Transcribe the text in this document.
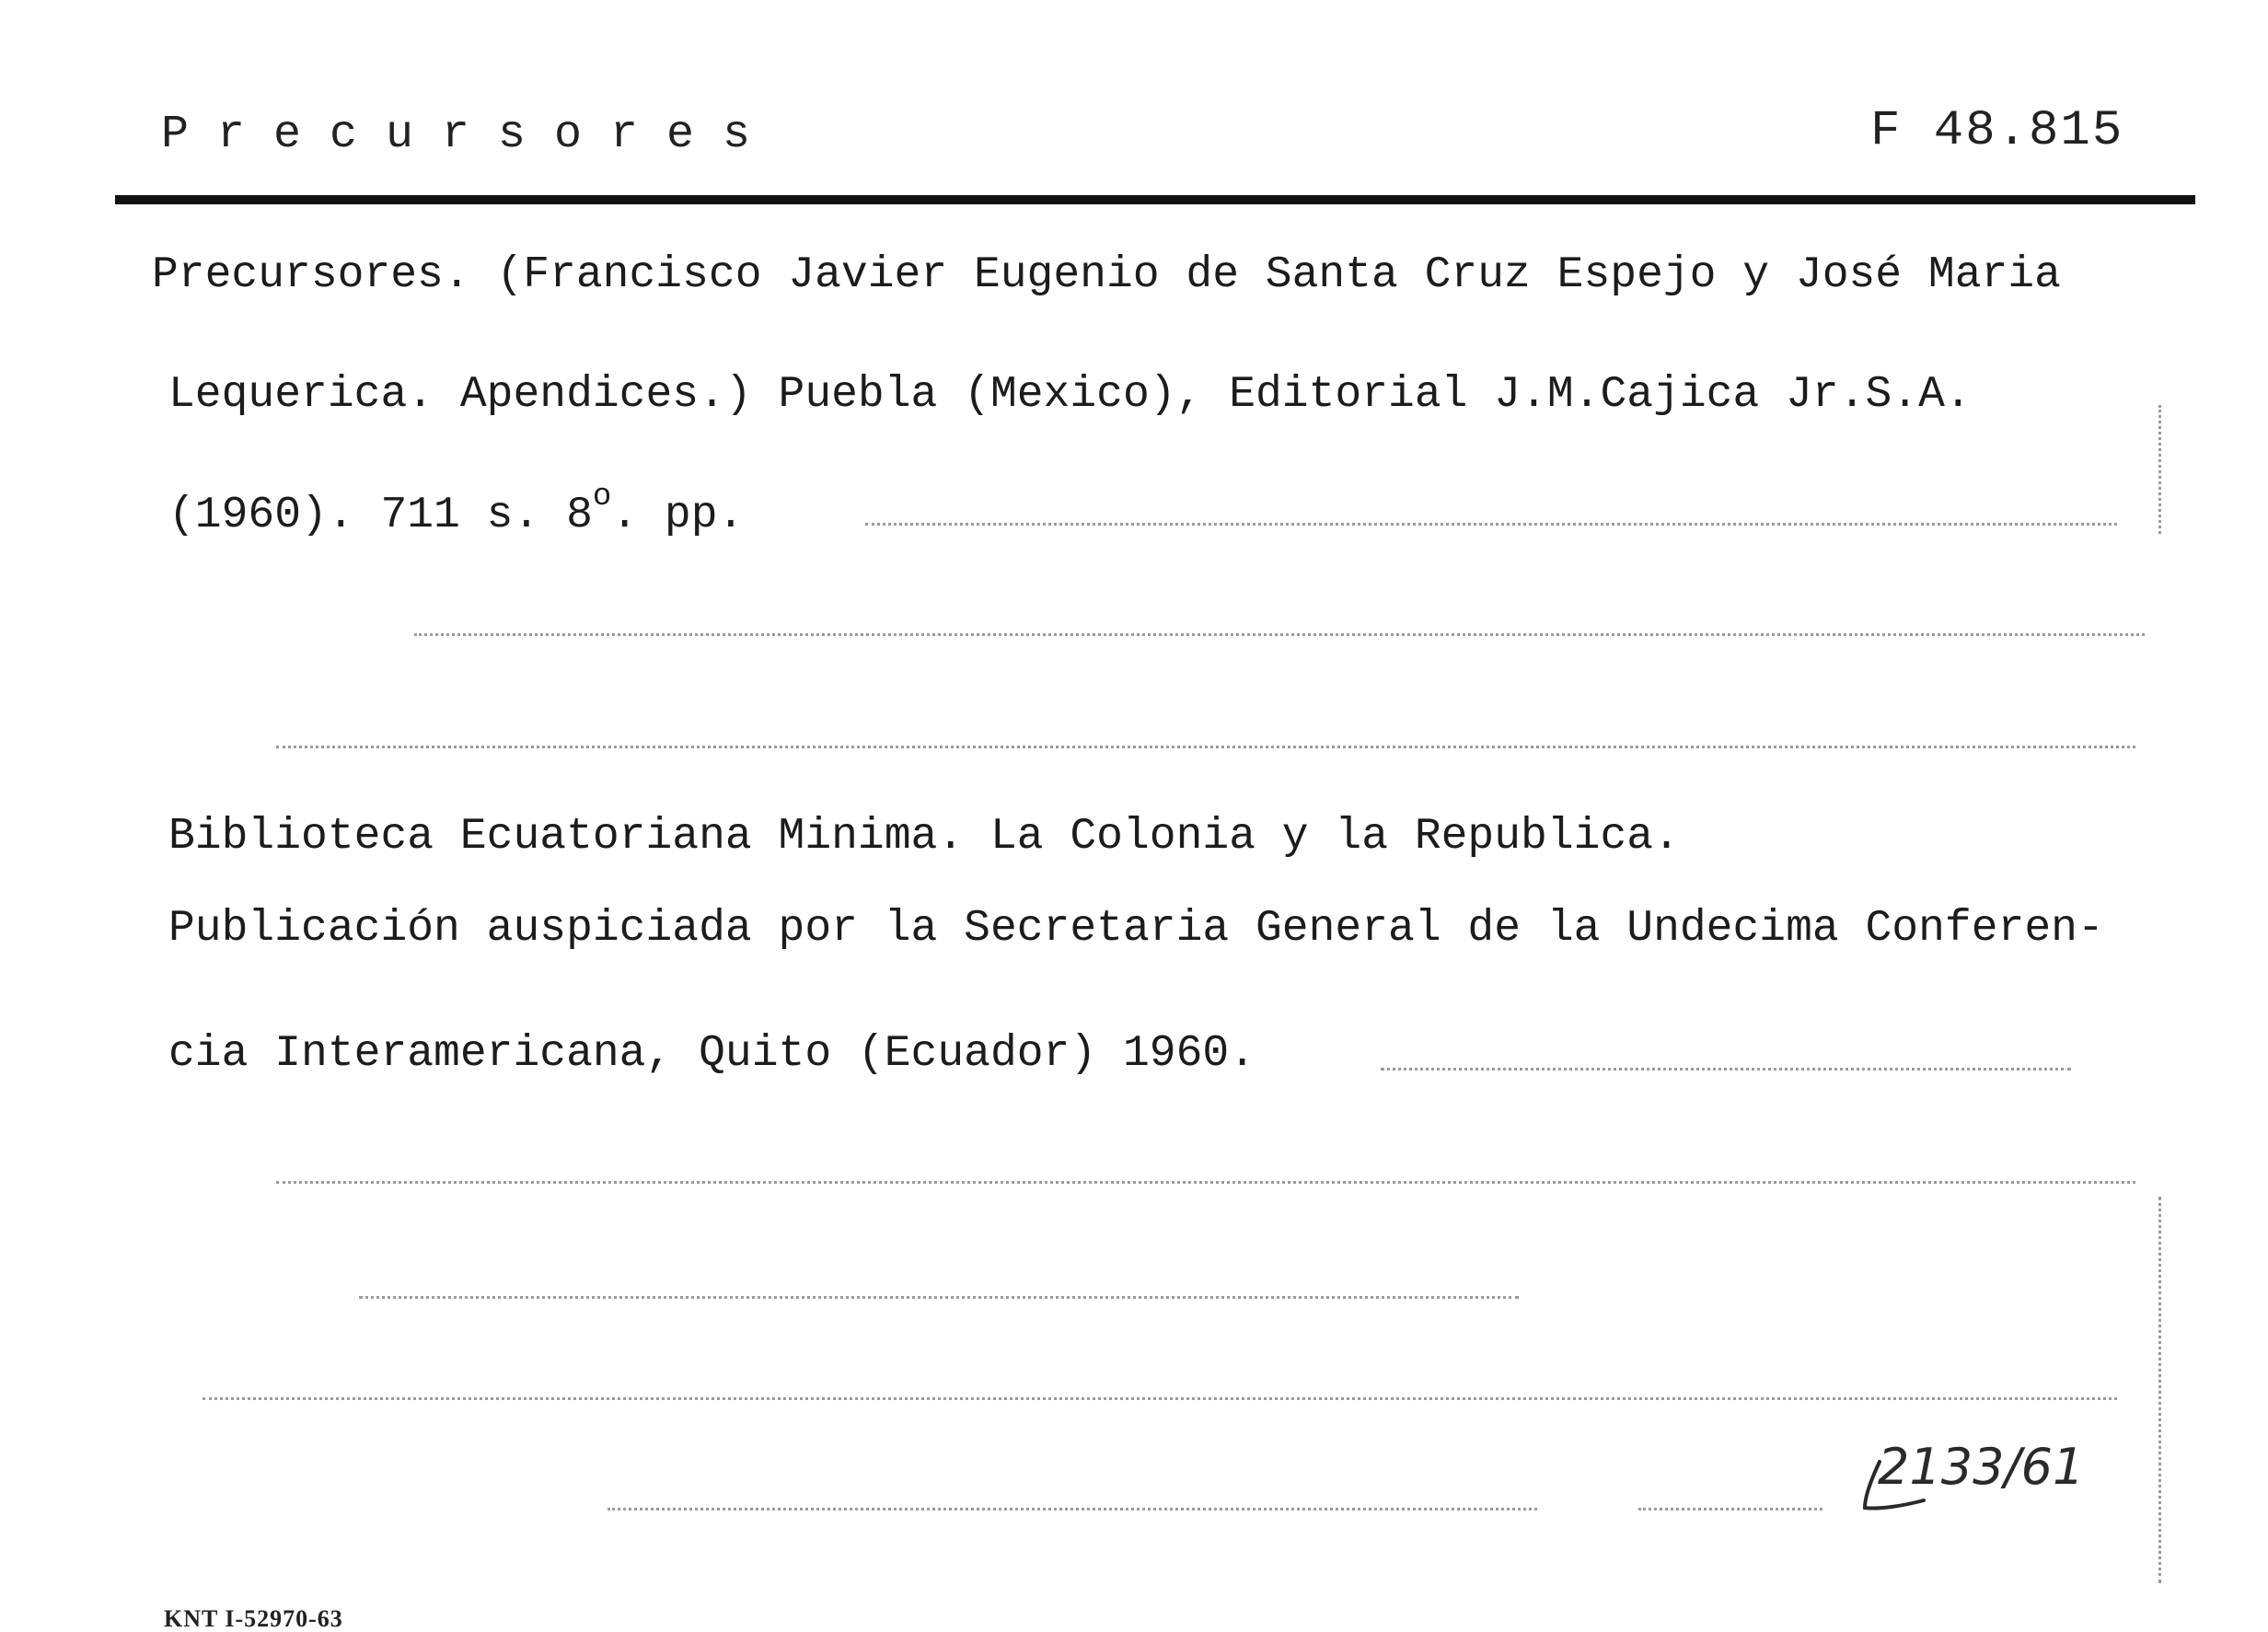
Precursores	F 48.815
Precursores. (Francisco Javier Eugenio de Santa Cruz Espejo y José Maria
Lequerica. Apendices.) Puebla (Mexico), Editorial J.M.Cajica Jr.S.A.
(1960). 711 s. 8$^o$. pp.
Biblioteca Ecuatoriana Minima. La Colonia y la Republica.
Publicación auspiciada por la Secretaria General de la Undecima Conferen-
cia Interamericana, Quito (Ecuador) 1960.
2133/61
KNT I-52970-63
